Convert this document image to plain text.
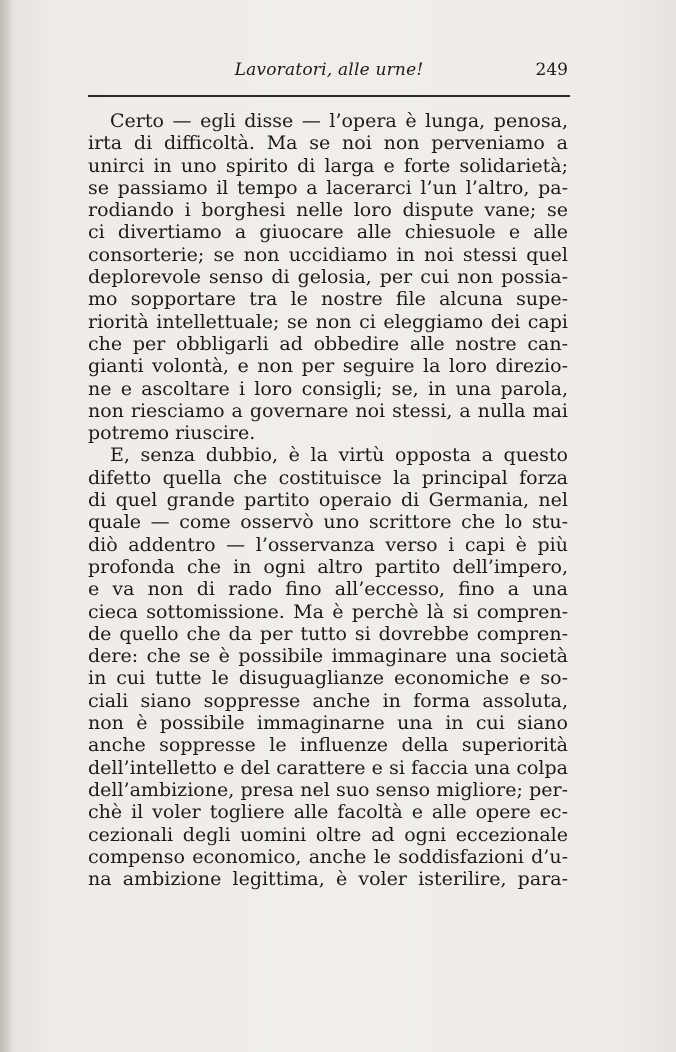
Lavoratori, alle urne!	249
Certo — egli disse — l’opera è lunga, penosa,
irta di difficoltà. Ma se noi non perveniamo a
unirci in uno spirito di larga e forte solidarietà;
se passiamo il tempo a lacerarci l’un l’altro, pa-
rodiando i borghesi nelle loro dispute vane; se
ci divertiamo a giuocare alle chiesuole e alle
consorterie; se non uccidiamo in noi stessi quel
deplorevole senso di gelosia, per cui non possia-
mo sopportare tra le nostre file alcuna supe-
riorità intellettuale; se non ci eleggiamo dei capi
che per obbligarli ad obbedire alle nostre can-
gianti volontà, e non per seguire la loro direzio-
ne e ascoltare i loro consigli; se, in una parola,
non riesciamo a governare noi stessi, a nulla mai
potremo riuscire.
E, senza dubbio, è la virtù opposta a questo
difetto quella che costituisce la principal forza
di quel grande partito operaio di Germania, nel
quale — come osservò uno scrittore che lo stu-
diò addentro — l’osservanza verso i capi è più
profonda che in ogni altro partito dell’impero,
e va non di rado fino all’eccesso, fino a una
cieca sottomissione. Ma è perchè là si compren-
de quello che da per tutto si dovrebbe compren-
dere: che se è possibile immaginare una società
in cui tutte le disuguaglianze economiche e so-
ciali siano soppresse anche in forma assoluta,
non è possibile immaginarne una in cui siano
anche soppresse le influenze della superiorità
dell’intelletto e del carattere e si faccia una colpa
dell’ambizione, presa nel suo senso migliore; per-
chè il voler togliere alle facoltà e alle opere ec-
cezionali degli uomini oltre ad ogni eccezionale
compenso economico, anche le soddisfazioni d’u-
na ambizione legittima, è voler isterilire, para-
